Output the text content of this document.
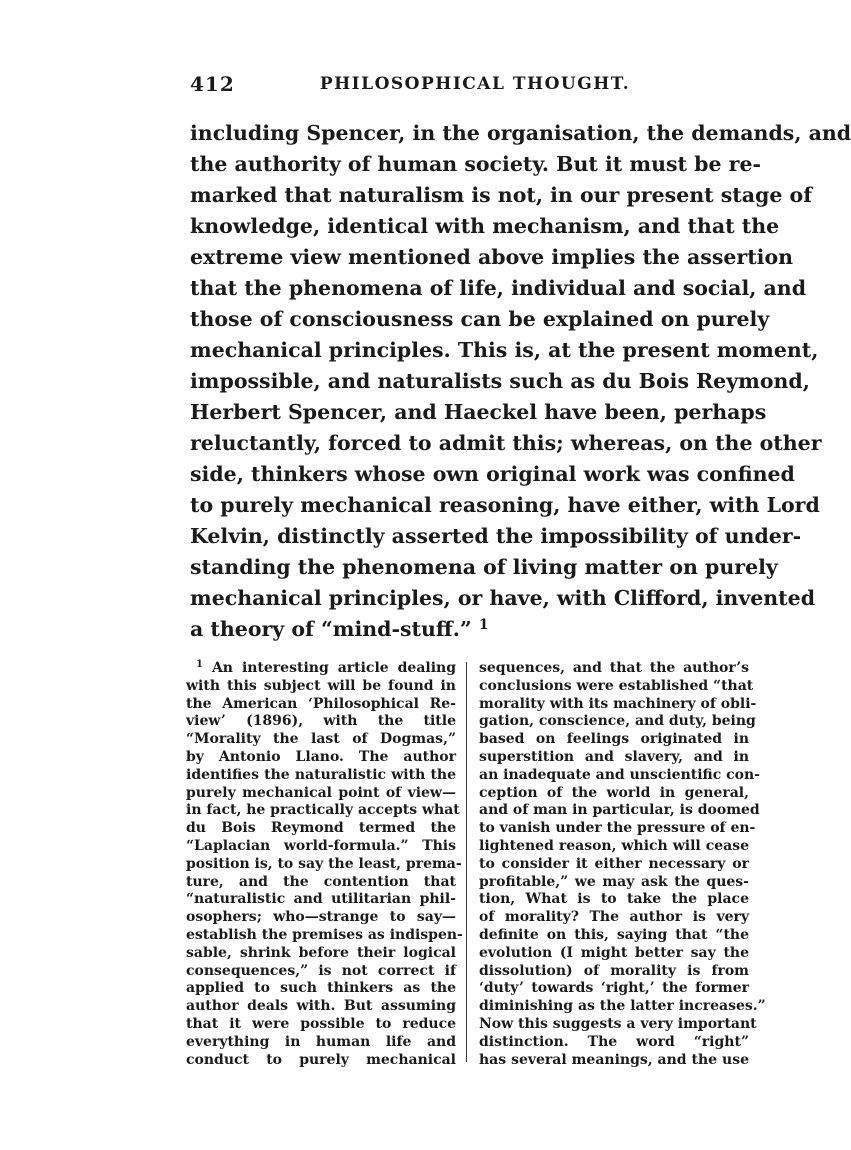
412	PHILOSOPHICAL THOUGHT.
including Spencer, in the organisation, the demands, and
the authority of human society. But it must be re-
marked that naturalism is not, in our present stage of
knowledge, identical with mechanism, and that the
extreme view mentioned above implies the assertion
that the phenomena of life, individual and social, and
those of consciousness can be explained on purely
mechanical principles. This is, at the present moment,
impossible, and naturalists such as du Bois Reymond,
Herbert Spencer, and Haeckel have been, perhaps
reluctantly, forced to admit this; whereas, on the other
side, thinkers whose own original work was confined
to purely mechanical reasoning, have either, with Lord
Kelvin, distinctly asserted the impossibility of under-
standing the phenomena of living matter on purely
mechanical principles, or have, with Clifford, invented
a theory of “mind-stuff.” $^1$
$^1$ An interesting article dealing
with this subject will be found in
the American ‘Philosophical Re-
view’ (1896), with the title
“Morality the last of Dogmas,”
by Antonio Llano. The author
identifies the naturalistic with the
purely mechanical point of view—
in fact, he practically accepts what
du Bois Reymond termed the
“Laplacian world-formula.” This
position is, to say the least, prema-
ture, and the contention that
“naturalistic and utilitarian phil-
osophers; who—strange to say—
establish the premises as indispen-
sable, shrink before their logical
consequences,” is not correct if
applied to such thinkers as the
author deals with. But assuming
that it were possible to reduce
everything in human life and
conduct to purely mechanical
sequences, and that the author’s
conclusions were established “that
morality with its machinery of obli-
gation, conscience, and duty, being
based on feelings originated in
superstition and slavery, and in
an inadequate and unscientific con-
ception of the world in general,
and of man in particular, is doomed
to vanish under the pressure of en-
lightened reason, which will cease
to consider it either necessary or
profitable,” we may ask the ques-
tion, What is to take the place
of morality? The author is very
definite on this, saying that “the
evolution (I might better say the
dissolution) of morality is from
‘duty’ towards ‘right,’ the former
diminishing as the latter increases.”
Now this suggests a very important
distinction. The word “right”
has several meanings, and the use
